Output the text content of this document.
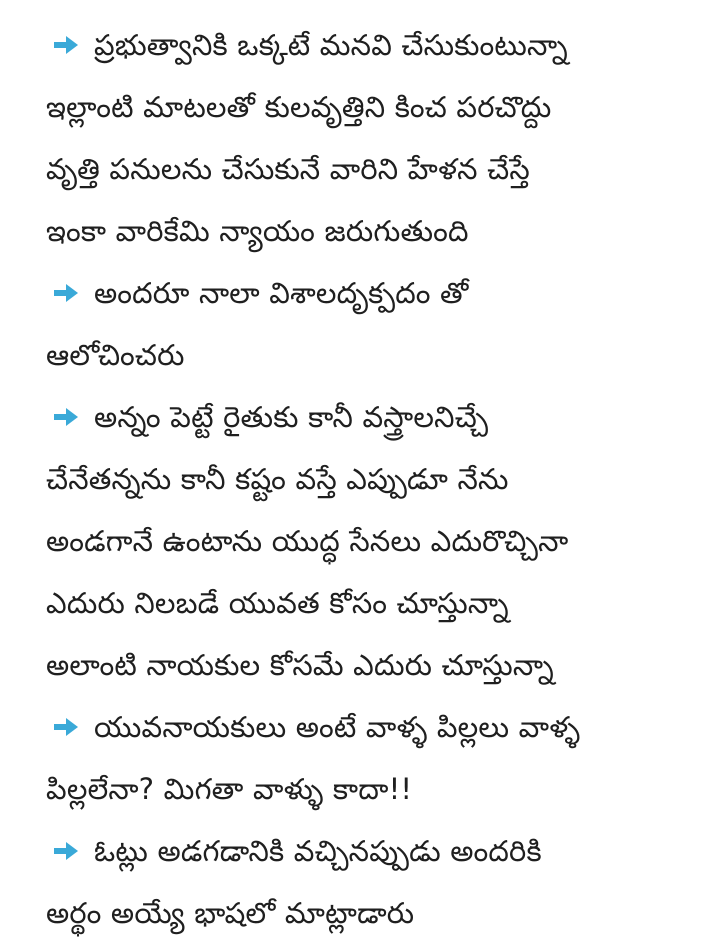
ప్రభుత్వానికి ఒక్కటే మనవి చేసుకుంటున్నా
ఇల్లాంటి మాటలతో కులవృత్తిని కించ పరచొద్దు
వృత్తి పనులను చేసుకునే వారిని హేళన చేస్తే
ఇంకా వారికేమి న్యాయం జరుగుతుంది
అందరూ నాలా విశాలదృక్పదం తో
ఆలోచించరు
అన్నం పెట్టే రైతుకు కానీ వస్త్రాలనిచ్చే
చేనేతన్నను కానీ కష్టం వస్తే ఎప్పుడూ నేను
అండగానే ఉంటాను యుద్ధ సేనలు ఎదురొచ్చినా
ఎదురు నిలబడే యువత కోసం చూస్తున్నా
అలాంటి నాయకుల కోసమే ఎదురు చూస్తున్నా
యువనాయకులు అంటే వాళ్ళ పిల్లలు వాళ్ళ
పిల్లలేనా? మిగతా వాళ్ళు కాదా!!
ఓట్లు అడగడానికి వచ్చినప్పుడు అందరికి
అర్థం అయ్యే భాషలో మాట్లాడారు
